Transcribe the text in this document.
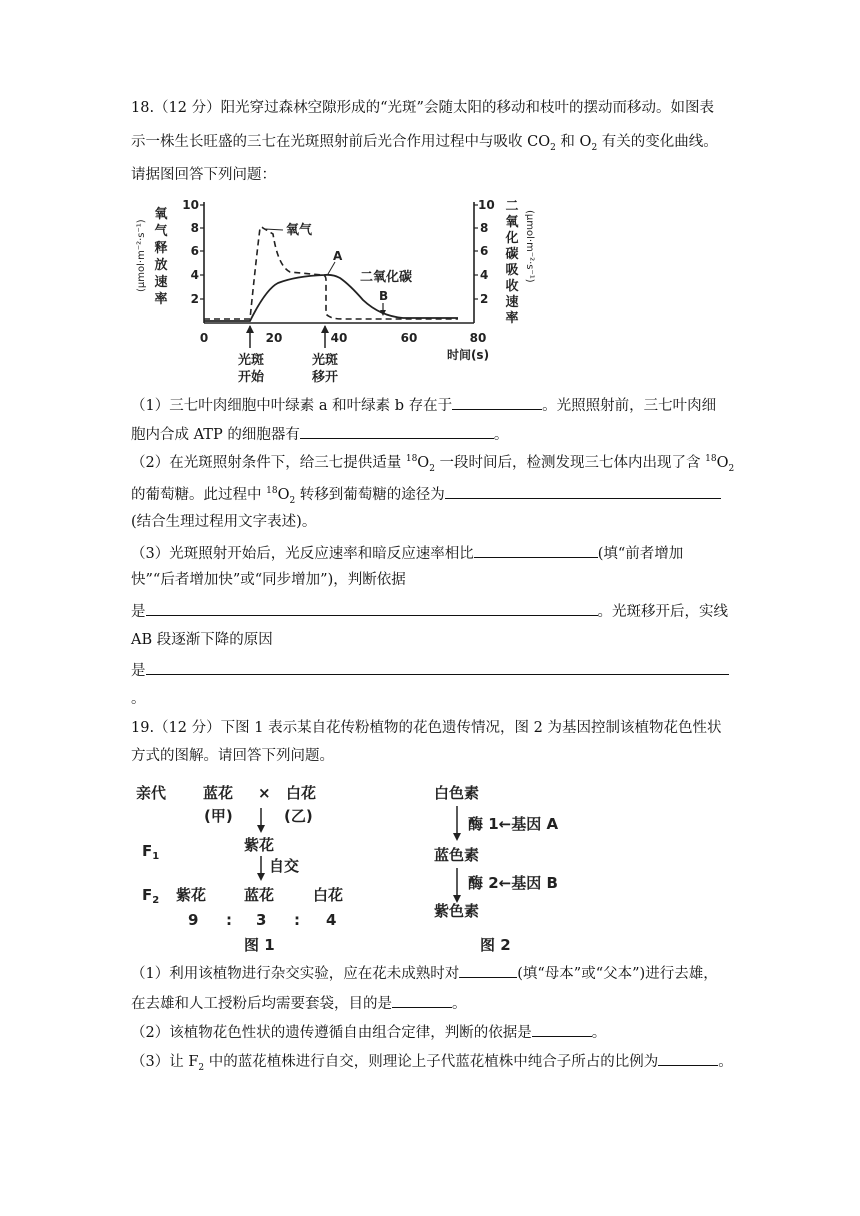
18.（12 分）阳光穿过森林空隙形成的“光斑”会随太阳的移动和枝叶的摆动而移动。如图表
示一株生长旺盛的三七在光斑照射前后光合作用过程中与吸收 $CO_2$ 和 $O_2$ 有关的变化曲线。
请据图回答下列问题：
氧
气
释
放
速
率
(μmol·m⁻²·s⁻¹)
10
8
6
4
2
10
8
6
4
2
二
氧
化
碳
吸
收
速
率
(μmol·m⁻²·s⁻¹)
0	20	40	60	80
时间(s)
氧气
A
二氧化碳
B
光斑
开始
光斑
移开
（1）三七叶肉细胞中叶绿素 a 和叶绿素 b 存在于	。光照照射前，三七叶肉细
胞内合成 ATP 的细胞器有	。
（2）在光斑照射条件下，给三七提供适量 $^{18}O_2$ 一段时间后，检测发现三七体内出现了含 $^{18}O_2$
的葡萄糖。此过程中 $^{18}O_2$ 转移到葡萄糖的途径为
(结合生理过程用文字表述)。
（3）光斑照射开始后，光反应速率和暗反应速率相比	(填“前者增加
快”“后者增加快”或“同步增加”)，判断依据
是	。光斑移开后，实线
AB 段逐渐下降的原因
是
。
19.（12 分）下图 1 表示某自花传粉植物的花色遗传情况，图 2 为基因控制该植物花色性状
方式的图解。请回答下列问题。
亲代 蓝花 × 白花
(甲)	(乙)
$F_1$
紫花
自交
$F_2$ 紫花	蓝花	白花
9 : 3 : 4
图 1
白色素
酶 1←基因 A
蓝色素
酶 2←基因 B
紫色素
图 2
（1）利用该植物进行杂交实验，应在花未成熟时对	(填“母本”或“父本”)进行去雄，
在去雄和人工授粉后均需要套袋，目的是	。
（2）该植物花色性状的遗传遵循自由组合定律，判断的依据是	。
（3）让 $F_2$ 中的蓝花植株进行自交，则理论上子代蓝花植株中纯合子所占的比例为	。
